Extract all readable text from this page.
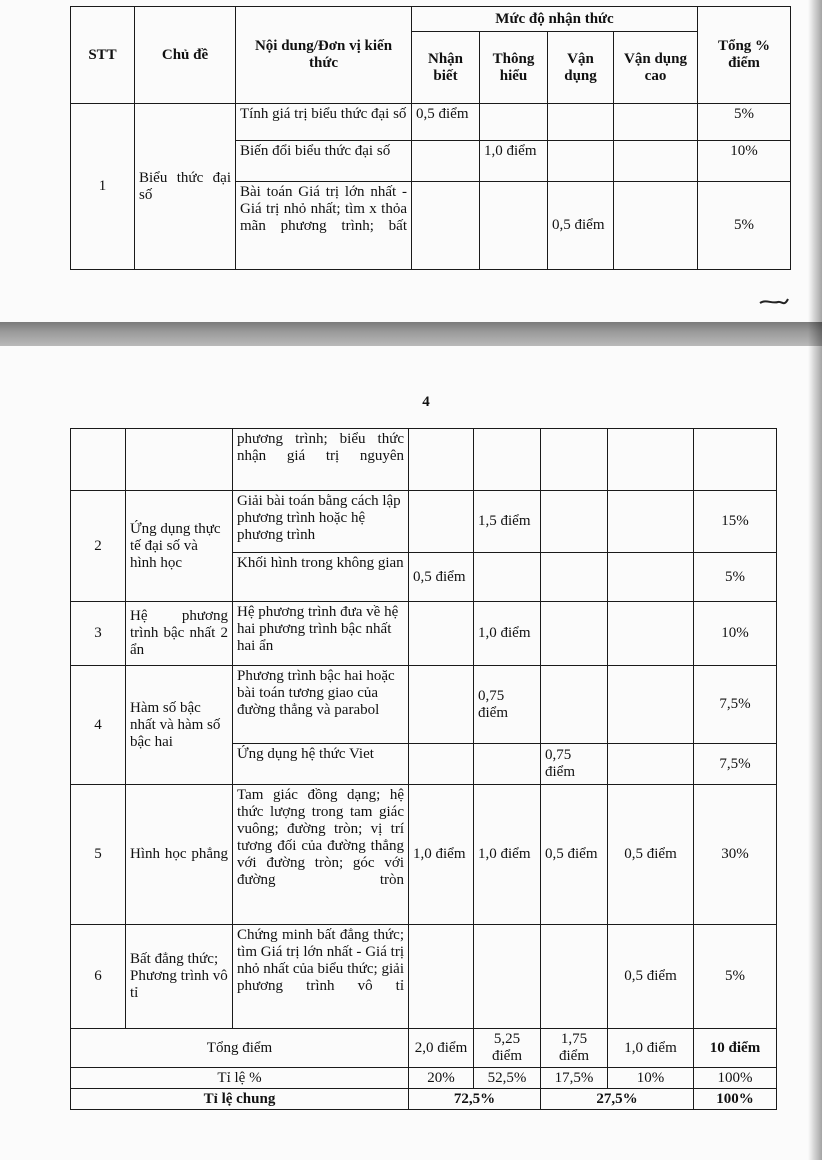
STT	Chủ đề	Nội dung/Đơn vị kiến thức	Mức độ nhận thức				Tổng % điểm
			Nhận biết	Thông hiểu	Vận dụng	Vận dụng cao	
1	Biểu thức đại số	Tính giá trị biểu thức đại số	0,5 điểm				5%
		Biến đổi biểu thức đại số		1,0 điểm			10%
		Bài toán Giá trị lớn nhất - Giá trị nhỏ nhất; tìm x thỏa mãn phương trình; bất			0,5 điểm		5%
4
		phương trình; biểu thức nhận giá trị nguyên					
2	Ứng dụng thực tế đại số và hình học	Giải bài toán bằng cách lập phương trình hoặc hệ phương trình		1,5 điểm			15%
		Khối hình trong không gian	0,5 điểm				5%
3	Hệ phương trình bậc nhất 2 ẩn	Hệ phương trình đưa về hệ hai phương trình bậc nhất hai ẩn		1,0 điểm			10%
4	Hàm số bậc nhất và hàm số bậc hai	Phương trình bậc hai hoặc bài toán tương giao của đường thẳng và parabol		0,75 điểm			7,5%
		Ứng dụng hệ thức Viet			0,75 điểm		7,5%
5	Hình học phẳng	Tam giác đồng dạng; hệ thức lượng trong tam giác vuông; đường tròn; vị trí tương đối của đường thẳng với đường tròn; góc với đường tròn	1,0 điểm	1,0 điểm	0,5 điểm	0,5 điểm	30%
6	Bất đẳng thức; Phương trình vô tỉ	Chứng minh bất đẳng thức; tìm Giá trị lớn nhất - Giá trị nhỏ nhất của biểu thức; giải phương trình vô tỉ				0,5 điểm	5%
Tổng điểm			2,0 điểm	5,25 điểm	1,75 điểm	1,0 điểm	10 điểm
Tỉ lệ %			20%	52,5%	17,5%	10%	100%
Tỉ lệ chung			72,5%		27,5%		100%
